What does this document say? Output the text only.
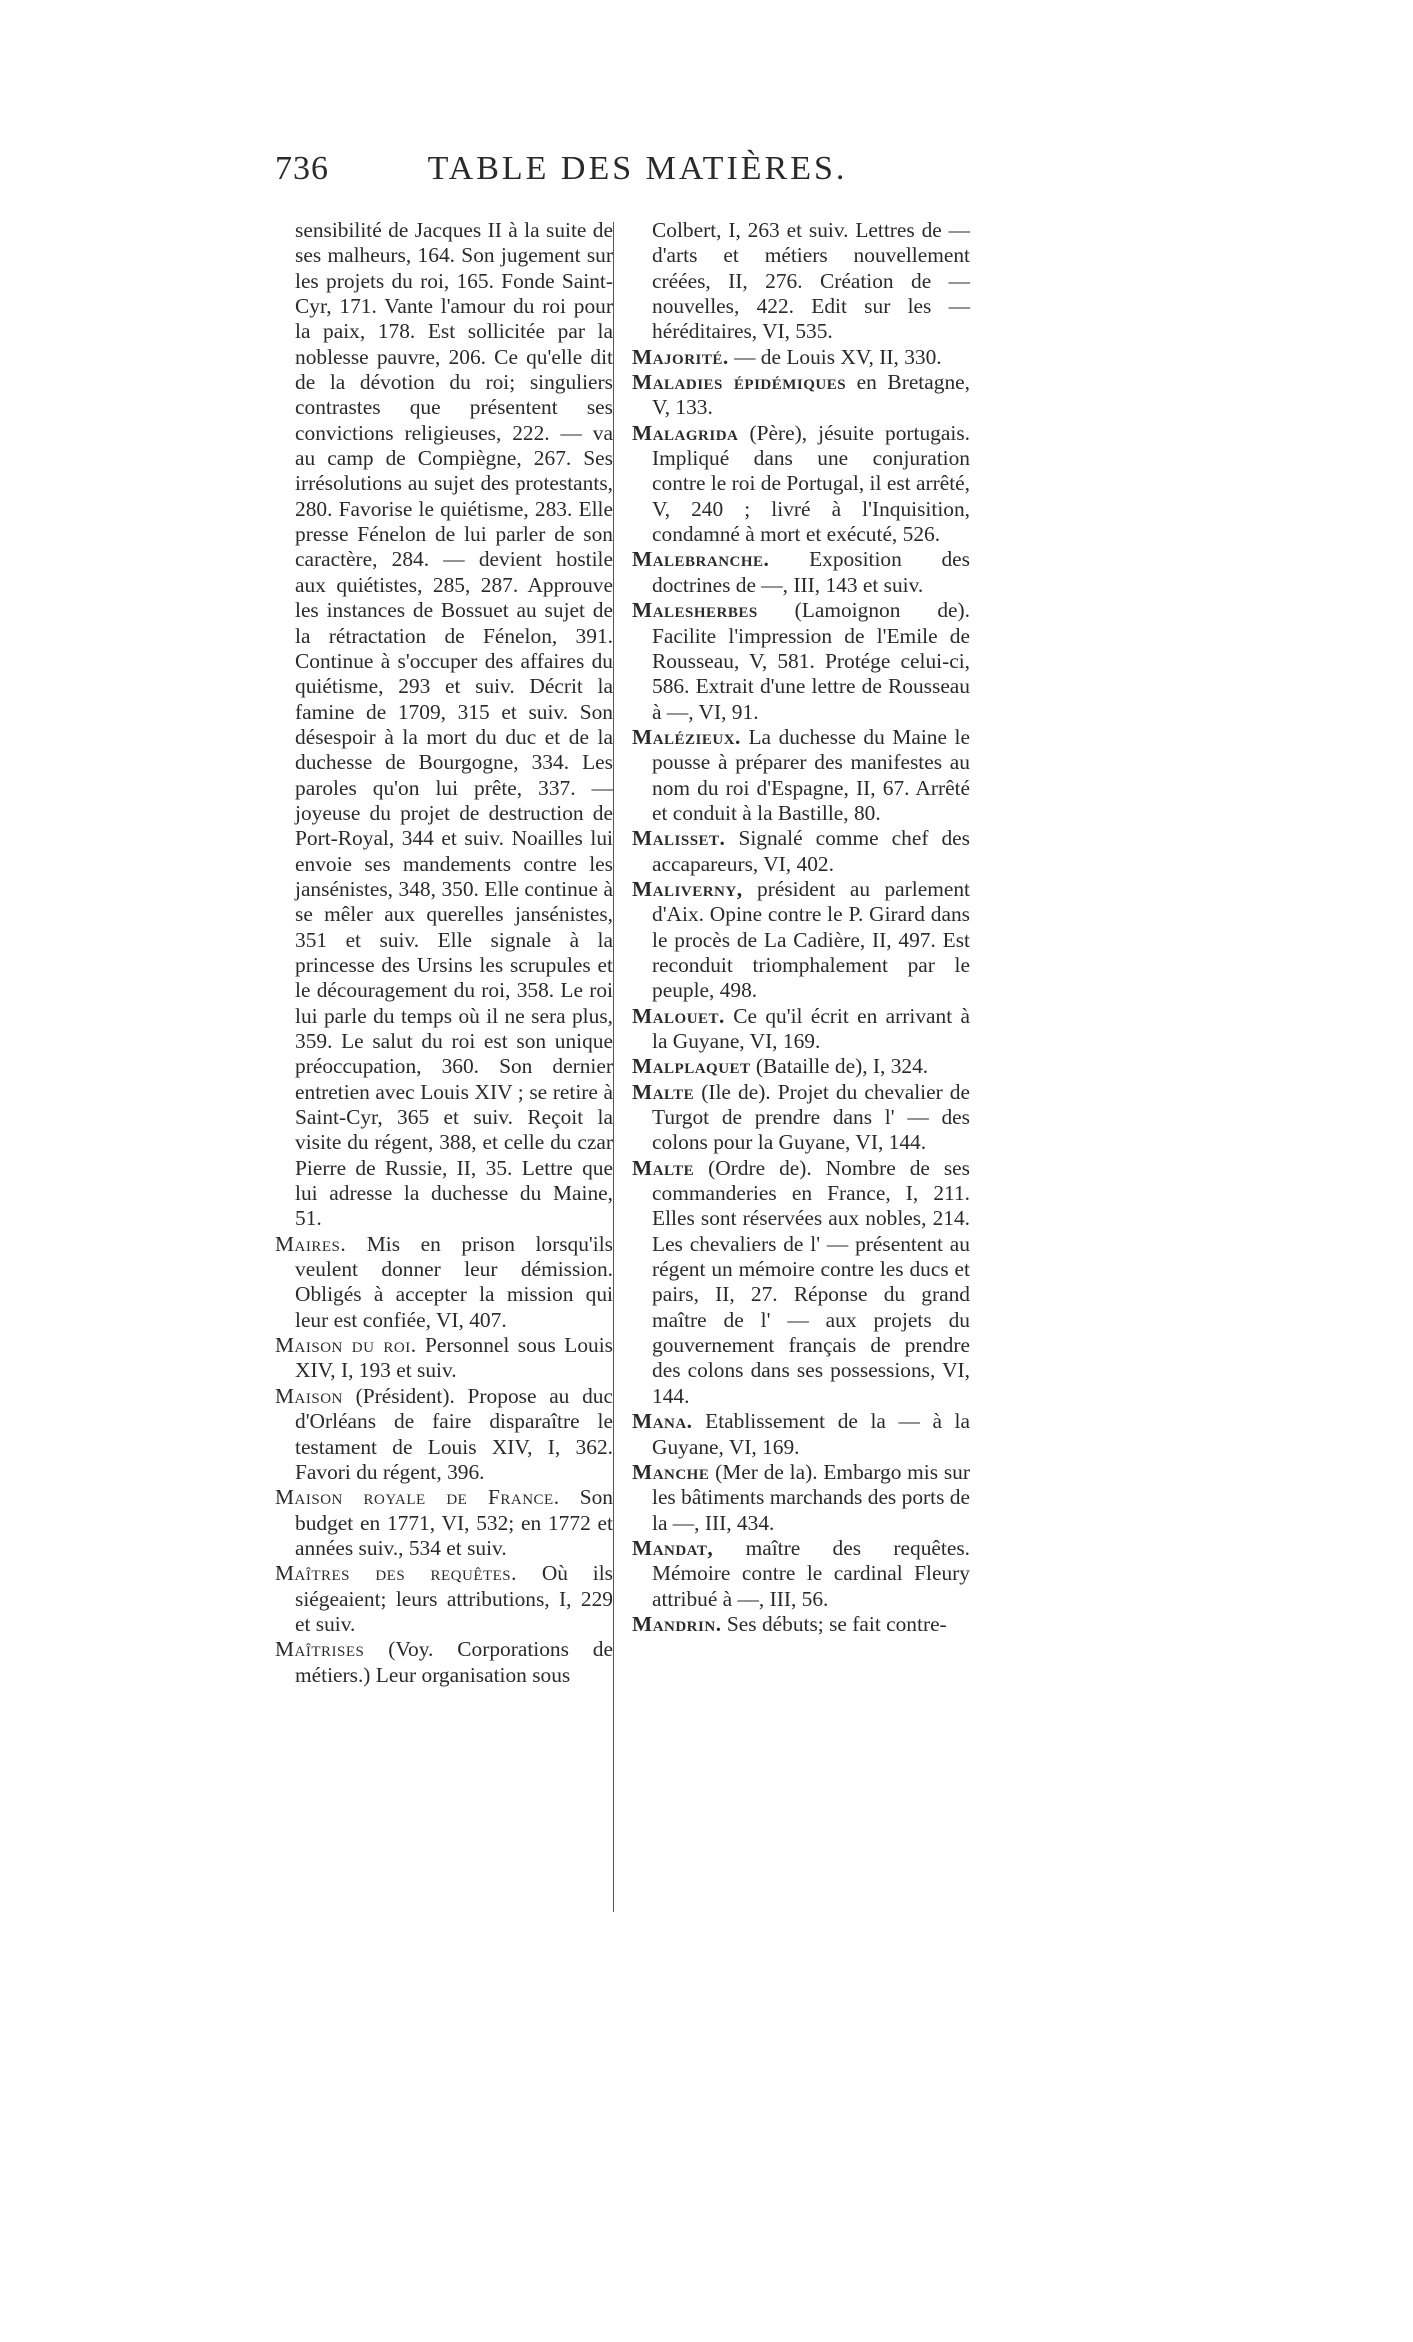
736	TABLE DES MATIÈRES.

sensibilité de Jacques II à la suite de ses malheurs, 164. Son jugement sur les projets du roi, 165. Fonde Saint-Cyr, 171. Vante l'amour du roi pour la paix, 178. Est sollicitée par la noblesse pauvre, 206. Ce qu'elle dit de la dévotion du roi; singuliers contrastes que présentent ses convictions religieuses, 222. — va au camp de Compiègne, 267. Ses irrésolutions au sujet des protestants, 280. Favorise le quiétisme, 283. Elle presse Fénelon de lui parler de son caractère, 284. — devient hostile aux quiétistes, 285, 287. Approuve les instances de Bossuet au sujet de la rétractation de Fénelon, 391. Continue à s'occuper des affaires du quiétisme, 293 et suiv. Décrit la famine de 1709, 315 et suiv. Son désespoir à la mort du duc et de la duchesse de Bourgogne, 334. Les paroles qu'on lui prête, 337. — joyeuse du projet de destruction de Port-Royal, 344 et suiv. Noailles lui envoie ses mandements contre les jansénistes, 348, 350. Elle continue à se mêler aux querelles jansénistes, 351 et suiv. Elle signale à la princesse des Ursins les scrupules et le découragement du roi, 358. Le roi lui parle du temps où il ne sera plus, 359. Le salut du roi est son unique préoccupation, 360. Son dernier entretien avec Louis XIV ; se retire à Saint-Cyr, 365 et suiv. Reçoit la visite du régent, 388, et celle du czar Pierre de Russie, II, 35. Lettre que lui adresse la duchesse du Maine, 51.

Maires. Mis en prison lorsqu'ils veulent donner leur démission. Obligés à accepter la mission qui leur est confiée, VI, 407.

Maison du roi. Personnel sous Louis XIV, I, 193 et suiv.

Maison (Président). Propose au duc d'Orléans de faire disparaître le testament de Louis XIV, I, 362. Favori du régent, 396.

Maison royale de France. Son budget en 1771, VI, 532; en 1772 et années suiv., 534 et suiv.

Maîtres des requêtes. Où ils siégeaient; leurs attributions, I, 229 et suiv.

Maîtrises (Voy. Corporations de métiers.) Leur organisation sous

Colbert, I, 263 et suiv. Lettres de — d'arts et métiers nouvellement créées, II, 276. Création de — nouvelles, 422. Edit sur les — héréditaires, VI, 535.

Majorité. — de Louis XV, II, 330.

Maladies épidémiques en Bretagne, V, 133.

Malagrida (Père), jésuite portugais. Impliqué dans une conjuration contre le roi de Portugal, il est arrêté, V, 240 ; livré à l'Inquisition, condamné à mort et exécuté, 526.

Malebranche. Exposition des doctrines de —, III, 143 et suiv.

Malesherbes (Lamoignon de). Facilite l'impression de l'Emile de Rousseau, V, 581. Protége celui-ci, 586. Extrait d'une lettre de Rousseau à —, VI, 91.

Malézieux. La duchesse du Maine le pousse à préparer des manifestes au nom du roi d'Espagne, II, 67. Arrêté et conduit à la Bastille, 80.

Malisset. Signalé comme chef des accapareurs, VI, 402.

Maliverny, président au parlement d'Aix. Opine contre le P. Girard dans le procès de La Cadière, II, 497. Est reconduit triomphalement par le peuple, 498.

Malouet. Ce qu'il écrit en arrivant à la Guyane, VI, 169.

Malplaquet (Bataille de), I, 324.

Malte (Ile de). Projet du chevalier de Turgot de prendre dans l' — des colons pour la Guyane, VI, 144.

Malte (Ordre de). Nombre de ses commanderies en France, I, 211. Elles sont réservées aux nobles, 214. Les chevaliers de l' — présentent au régent un mémoire contre les ducs et pairs, II, 27. Réponse du grand maître de l' — aux projets du gouvernement français de prendre des colons dans ses possessions, VI, 144.

Mana. Etablissement de la — à la Guyane, VI, 169.

Manche (Mer de la). Embargo mis sur les bâtiments marchands des ports de la —, III, 434.

Mandat, maître des requêtes. Mémoire contre le cardinal Fleury attribué à —, III, 56.

Mandrin. Ses débuts; se fait contre-
